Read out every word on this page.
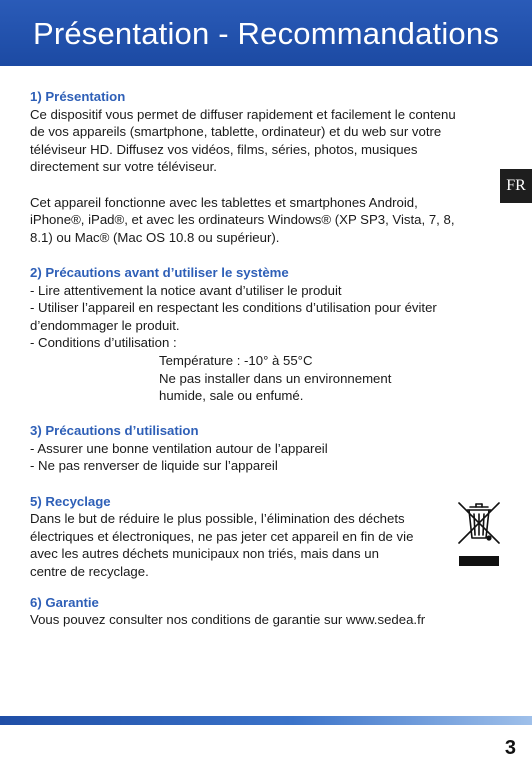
Présentation - Recommandations
FR
1) Présentation
Ce dispositif vous permet de diffuser rapidement et facilement le contenu
de vos appareils (smartphone, tablette, ordinateur) et du web sur votre
téléviseur HD. Diffusez vos vidéos, films, séries, photos, musiques
directement sur votre téléviseur.
Cet appareil fonctionne avec les tablettes et smartphones Android,
iPhone®, iPad®, et avec les ordinateurs Windows® (XP SP3, Vista, 7, 8,
8.1) ou Mac® (Mac OS 10.8 ou supérieur).
2) Précautions avant d’utiliser le système
- Lire attentivement la notice avant d’utiliser le produit
- Utiliser l’appareil en respectant les conditions d’utilisation pour éviter
d’endommager le produit.
- Conditions d’utilisation :
Température : -10° à 55°C
Ne pas installer dans un environnement
humide, sale ou enfumé.
3) Précautions d’utilisation
- Assurer une bonne ventilation autour de l’appareil
- Ne pas renverser de liquide sur l’appareil
5) Recyclage
Dans le but de réduire le plus possible, l’élimination des déchets
électriques et électroniques, ne pas jeter cet appareil en fin de vie
avec les autres déchets municipaux non triés, mais dans un
centre de recyclage.
6) Garantie
Vous pouvez consulter nos conditions de garantie sur www.sedea.fr
3
